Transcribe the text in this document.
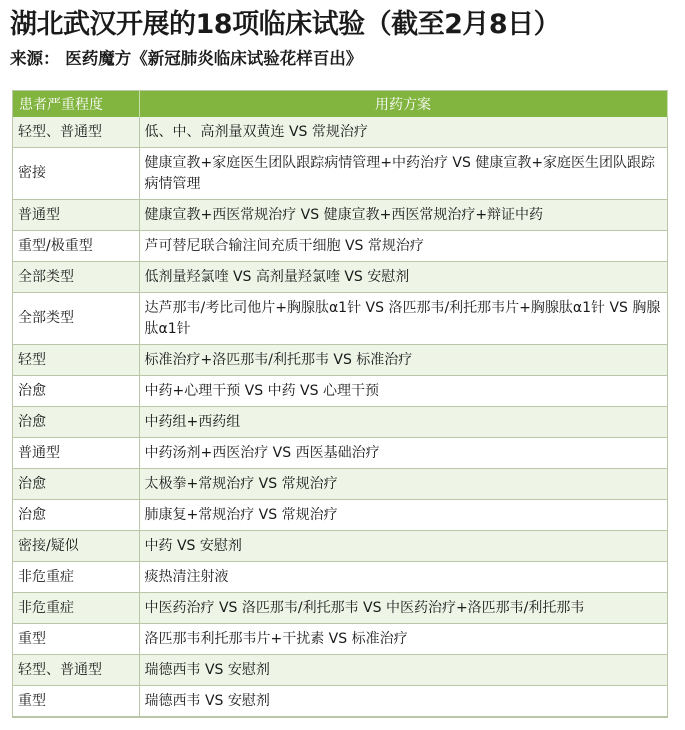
湖北武汉开展的18项临床试验（截至2月8日）
来源： 医药魔方《新冠肺炎临床试验花样百出》
患者严重程度	用药方案
轻型、普通型	低、中、高剂量双黄连 VS 常规治疗
密接	健康宣教+家庭医生团队跟踪病情管理+中药治疗 VS 健康宣教+家庭医生团队跟踪病情管理
普通型	健康宣教+西医常规治疗 VS 健康宣教+西医常规治疗+辩证中药
重型/极重型	芦可替尼联合输注间充质干细胞 VS 常规治疗
全部类型	低剂量羟氯喹 VS 高剂量羟氯喹 VS 安慰剂
全部类型	达芦那韦/考比司他片+胸腺肽α1针 VS 洛匹那韦/利托那韦片+胸腺肽α1针 VS 胸腺肽α1针
轻型	标准治疗+洛匹那韦/利托那韦 VS 标准治疗
治愈	中药+心理干预 VS 中药 VS 心理干预
治愈	中药组+西药组
普通型	中药汤剂+西医治疗 VS 西医基础治疗
治愈	太极拳+常规治疗 VS 常规治疗
治愈	肺康复+常规治疗 VS 常规治疗
密接/疑似	中药 VS 安慰剂
非危重症	痰热清注射液
非危重症	中医药治疗 VS 洛匹那韦/利托那韦 VS 中医药治疗+洛匹那韦/利托那韦
重型	洛匹那韦利托那韦片+干扰素 VS 标准治疗
轻型、普通型	瑞德西韦 VS 安慰剂
重型	瑞德西韦 VS 安慰剂
